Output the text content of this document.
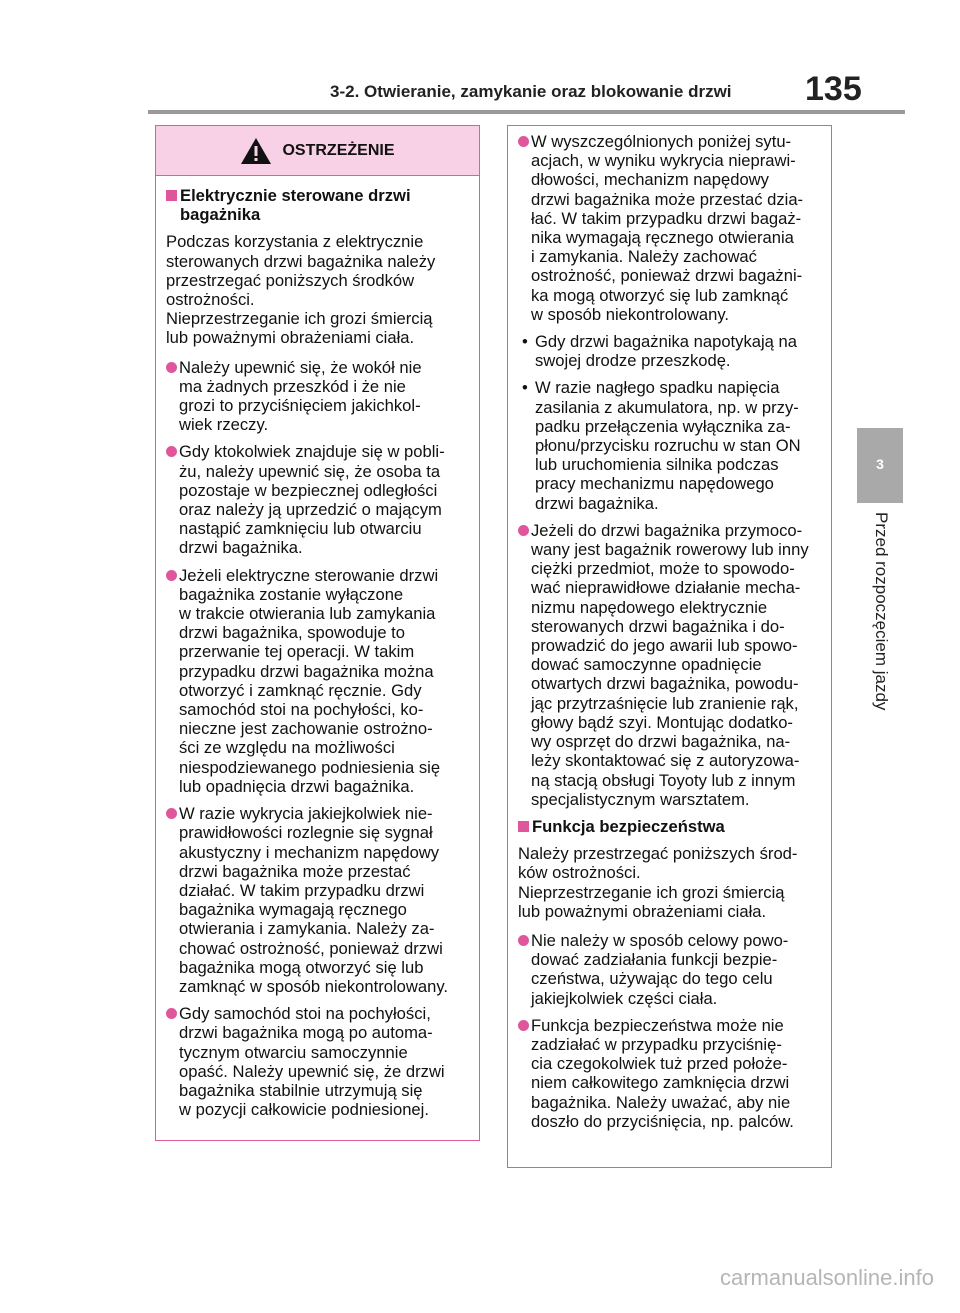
3-2. Otwieranie, zamykanie oraz blokowanie drzwi 135
3
Przed rozpoczęciem jazdy
OSTRZEŻENIE
Elektrycznie sterowane drzwi
bagażnika
Podczas korzystania z elektrycznie
sterowanych drzwi bagażnika należy
przestrzegać poniższych środków
ostrożności.
Nieprzestrzeganie ich grozi śmiercią
lub poważnymi obrażeniami ciała.
Należy upewnić się, że wokół nie
ma żadnych przeszkód i że nie
grozi to przyciśnięciem jakichkol-
wiek rzeczy.
Gdy ktokolwiek znajduje się w pobli-
żu, należy upewnić się, że osoba ta
pozostaje w bezpiecznej odległości
oraz należy ją uprzedzić o mającym
nastąpić zamknięciu lub otwarciu
drzwi bagażnika.
Jeżeli elektryczne sterowanie drzwi
bagażnika zostanie wyłączone
w trakcie otwierania lub zamykania
drzwi bagażnika, spowoduje to
przerwanie tej operacji. W takim
przypadku drzwi bagażnika można
otworzyć i zamknąć ręcznie. Gdy
samochód stoi na pochyłości, ko-
nieczne jest zachowanie ostrożno-
ści ze względu na możliwości
niespodziewanego podniesienia się
lub opadnięcia drzwi bagażnika.
W razie wykrycia jakiejkolwiek nie-
prawidłowości rozlegnie się sygnał
akustyczny i mechanizm napędowy
drzwi bagażnika może przestać
działać. W takim przypadku drzwi
bagażnika wymagają ręcznego
otwierania i zamykania. Należy za-
chować ostrożność, ponieważ drzwi
bagażnika mogą otworzyć się lub
zamknąć w sposób niekontrolowany.
Gdy samochód stoi na pochyłości,
drzwi bagażnika mogą po automa-
tycznym otwarciu samoczynnie
opaść. Należy upewnić się, że drzwi
bagażnika stabilnie utrzymują się
w pozycji całkowicie podniesionej.
W wyszczególnionych poniżej sytu-
acjach, w wyniku wykrycia nieprawi-
dłowości, mechanizm napędowy
drzwi bagażnika może przestać dzia-
łać. W takim przypadku drzwi bagaż-
nika wymagają ręcznego otwierania
i zamykania. Należy zachować
ostrożność, ponieważ drzwi bagażni-
ka mogą otworzyć się lub zamknąć
w sposób niekontrolowany.
• Gdy drzwi bagażnika napotykają na
swojej drodze przeszkodę.
• W razie nagłego spadku napięcia
zasilania z akumulatora, np. w przy-
padku przełączenia wyłącznika za-
płonu/przycisku rozruchu w stan ON
lub uruchomienia silnika podczas
pracy mechanizmu napędowego
drzwi bagażnika.
Jeżeli do drzwi bagażnika przymoco-
wany jest bagażnik rowerowy lub inny
ciężki przedmiot, może to spowodo-
wać nieprawidłowe działanie mecha-
nizmu napędowego elektrycznie
sterowanych drzwi bagażnika i do-
prowadzić do jego awarii lub spowo-
dować samoczynne opadnięcie
otwartych drzwi bagażnika, powodu-
jąc przytrzaśnięcie lub zranienie rąk,
głowy bądź szyi. Montując dodatko-
wy osprzęt do drzwi bagażnika, na-
leży skontaktować się z autoryzowa-
ną stacją obsługi Toyoty lub z innym
specjalistycznym warsztatem.
Funkcja bezpieczeństwa
Należy przestrzegać poniższych środ-
ków ostrożności.
Nieprzestrzeganie ich grozi śmiercią
lub poważnymi obrażeniami ciała.
Nie należy w sposób celowy powo-
dować zadziałania funkcji bezpie-
czeństwa, używając do tego celu
jakiejkolwiek części ciała.
Funkcja bezpieczeństwa może nie
zadziałać w przypadku przyciśnię-
cia czegokolwiek tuż przed położe-
niem całkowitego zamknięcia drzwi
bagażnika. Należy uważać, aby nie
doszło do przyciśnięcia, np. palców.
carmanualsonline.info
